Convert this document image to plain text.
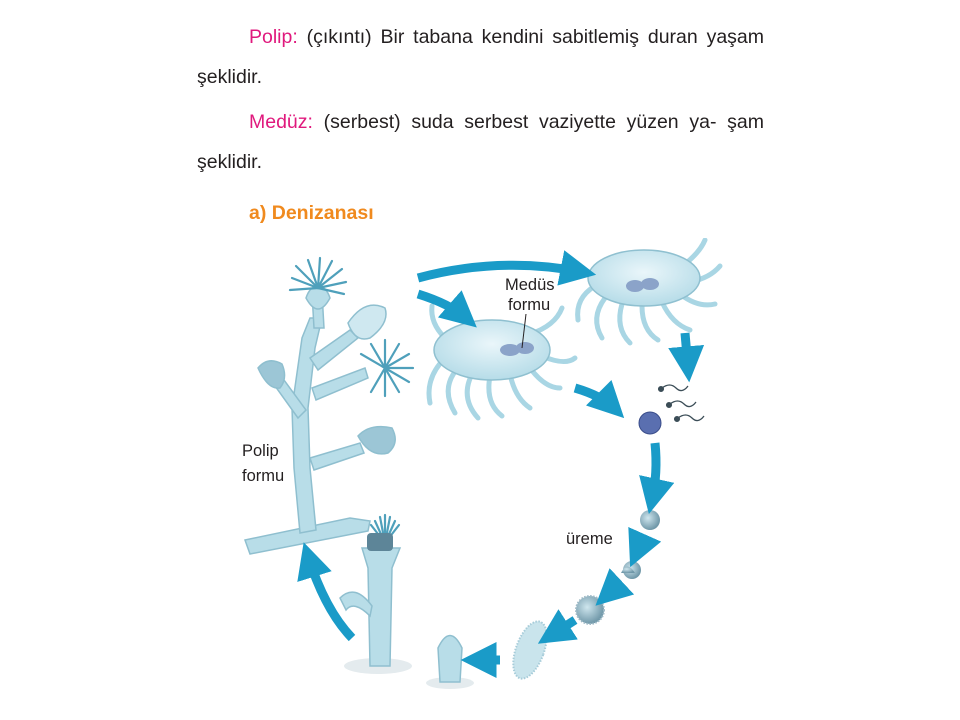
Polip: (çıkıntı) Bir tabana kendini sabitlemiş duran yaşam şeklidir.

Medüz: (serbest) suda serbest vaziyette yüzen ya- şam şeklidir.

a) Denizanası
Medüs
formu
Polip
formu
üreme
